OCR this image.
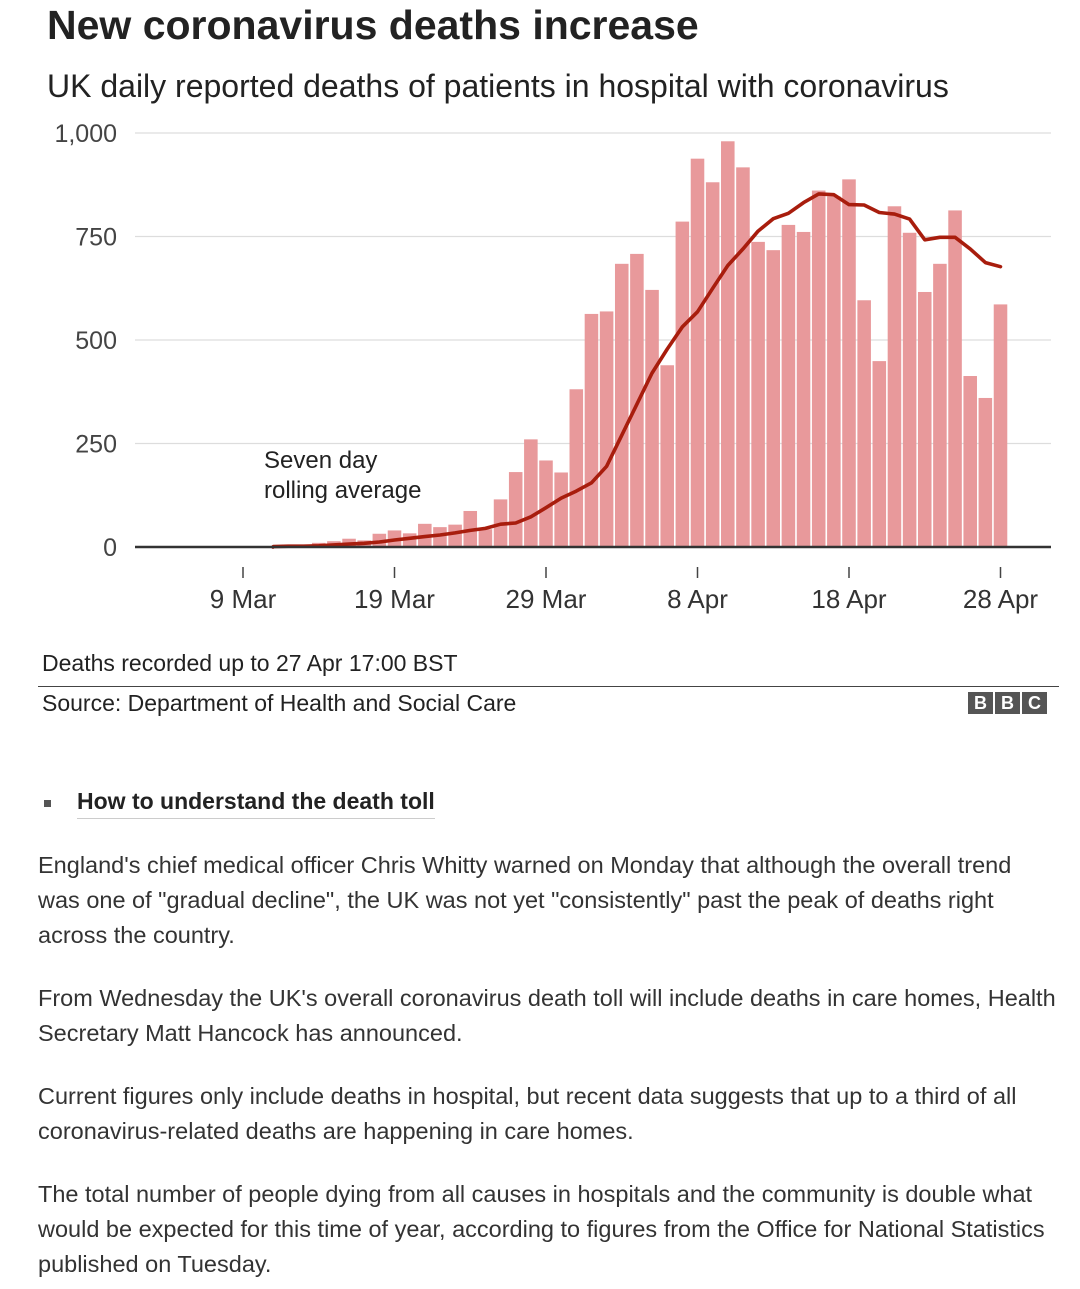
New coronavirus deaths increase
UK daily reported deaths of patients in hospital with coronavirus
0
250
500
750
1,000
9 Mar	19 Mar	29 Mar	8 Apr	18 Apr	28 Apr
Seven day rolling average
Deaths recorded up to 27 Apr 17:00 BST
Source: Department of Health and Social Care	B B C
How to understand the death toll

England's chief medical officer Chris Whitty warned on Monday that although the overall trend was one of "gradual decline", the UK was not yet "consistently" past the peak of deaths right across the country.

From Wednesday the UK's overall coronavirus death toll will include deaths in care homes, Health Secretary Matt Hancock has announced.

Current figures only include deaths in hospital, but recent data suggests that up to a third of all coronavirus-related deaths are happening in care homes.

The total number of people dying from all causes in hospitals and the community is double what would be expected for this time of year, according to figures from the Office for National Statistics published on Tuesday.
